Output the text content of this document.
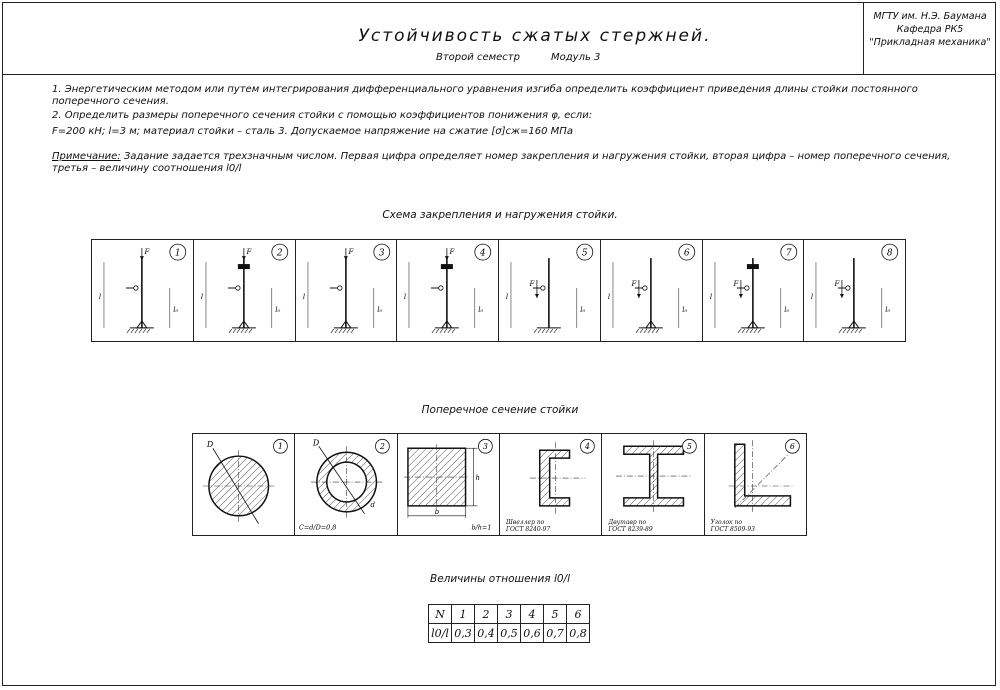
Устойчивость сжатых стержней.
Второй семестр	Модуль 3
МГТУ им. Н.Э. Баумана
Кафедра РК5
"Прикладная механика"
1. Энергетическим методом или путем интегрирования дифференциального уравнения изгиба определить коэффициент приведения длины стойки постоянного поперечного сечения.
2. Определить размеры поперечного сечения стойки с помощью коэффициентов понижения φ, если:
F=200 кН; l=3 м; материал стойки – сталь 3. Допускаемое напряжение на сжатие [σ]сж=160 МПа
Примечание: Задание задается трехзначным числом. Первая цифра определяет номер закрепления и нагружения стойки, вторая цифра – номер поперечного сечения, третья – величину соотношения l0/l
Схема закрепления и нагружения стойки.
F
l
l₀
1	F
l
l₀
2	F
l
l₀
3	F
l
l₀
4
F
l
l₀
5
F
l
l₀
6
F
l
l₀
7
F
l
l₀
8
Поперечное сечение стойки
D	1	D
d
2
C=d/D=0,8
b
h
3
b/h=1
4
Швеллер по
ГОСТ 8240-97
5
Двутавр по
ГОСТ 8239-89
6
Уголок по
ГОСТ 8509-93
Величины отношения l0/l
N	1	2	3	4	5	6
l0/l	0,3	0,4	0,5	0,6	0,7	0,8
